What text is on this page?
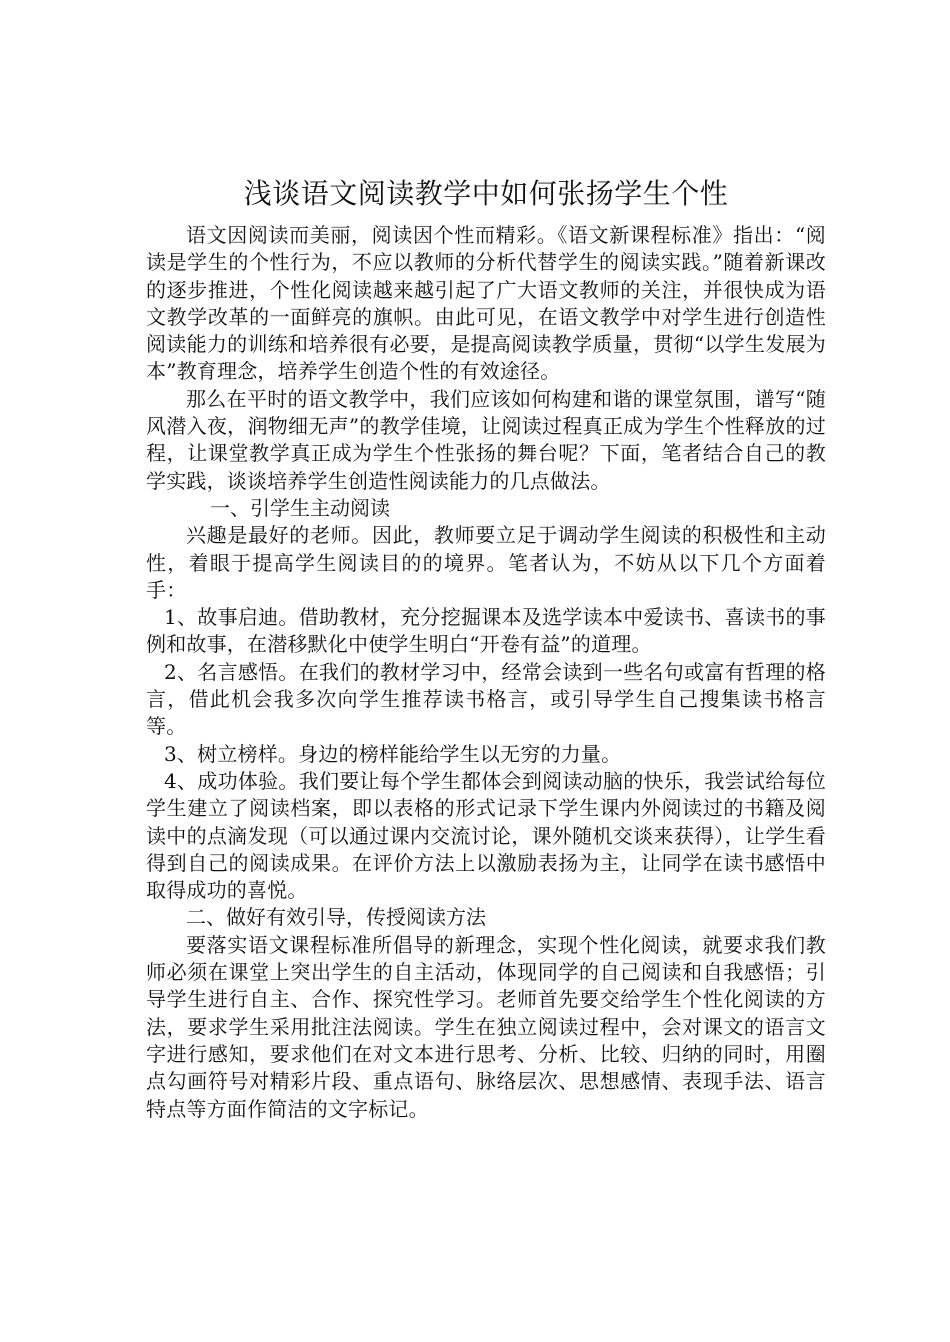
浅谈语文阅读教学中如何张扬学生个性

语文因阅读而美丽，阅读因个性而精彩。《语文新课程标准》指出：“阅读是学生的个性行为，不应以教师的分析代替学生的阅读实践。”随着新课改的逐步推进，个性化阅读越来越引起了广大语文教师的关注，并很快成为语文教学改革的一面鲜亮的旗帜。由此可见，在语文教学中对学生进行创造性阅读能力的训练和培养很有必要，是提高阅读教学质量，贯彻“以学生发展为本”教育理念，培养学生创造个性的有效途径。

那么在平时的语文教学中，我们应该如何构建和谐的课堂氛围，谱写“随风潜入夜，润物细无声”的教学佳境，让阅读过程真正成为学生个性释放的过程，让课堂教学真正成为学生个性张扬的舞台呢？下面，笔者结合自己的教学实践，谈谈培养学生创造性阅读能力的几点做法。

一、引学生主动阅读

兴趣是最好的老师。因此，教师要立足于调动学生阅读的积极性和主动性，着眼于提高学生阅读目的的境界。笔者认为，不妨从以下几个方面着手：

1、故事启迪。借助教材，充分挖掘课本及选学读本中爱读书、喜读书的事例和故事，在潜移默化中使学生明白“开卷有益”的道理。

2、名言感悟。在我们的教材学习中，经常会读到一些名句或富有哲理的格言，借此机会我多次向学生推荐读书格言，或引导学生自己搜集读书格言等。

3、树立榜样。身边的榜样能给学生以无穷的力量。

4、成功体验。我们要让每个学生都体会到阅读动脑的快乐，我尝试给每位学生建立了阅读档案，即以表格的形式记录下学生课内外阅读过的书籍及阅读中的点滴发现（可以通过课内交流讨论，课外随机交谈来获得），让学生看得到自己的阅读成果。在评价方法上以激励表扬为主，让同学在读书感悟中取得成功的喜悦。

二、做好有效引导，传授阅读方法

要落实语文课程标准所倡导的新理念，实现个性化阅读，就要求我们教师必须在课堂上突出学生的自主活动，体现同学的自己阅读和自我感悟；引导学生进行自主、合作、探究性学习。老师首先要交给学生个性化阅读的方法，要求学生采用批注法阅读。学生在独立阅读过程中，会对课文的语言文字进行感知，要求他们在对文本进行思考、分析、比较、归纳的同时，用圈点勾画符号对精彩片段、重点语句、脉络层次、思想感情、表现手法、语言特点等方面作简洁的文字标记。
